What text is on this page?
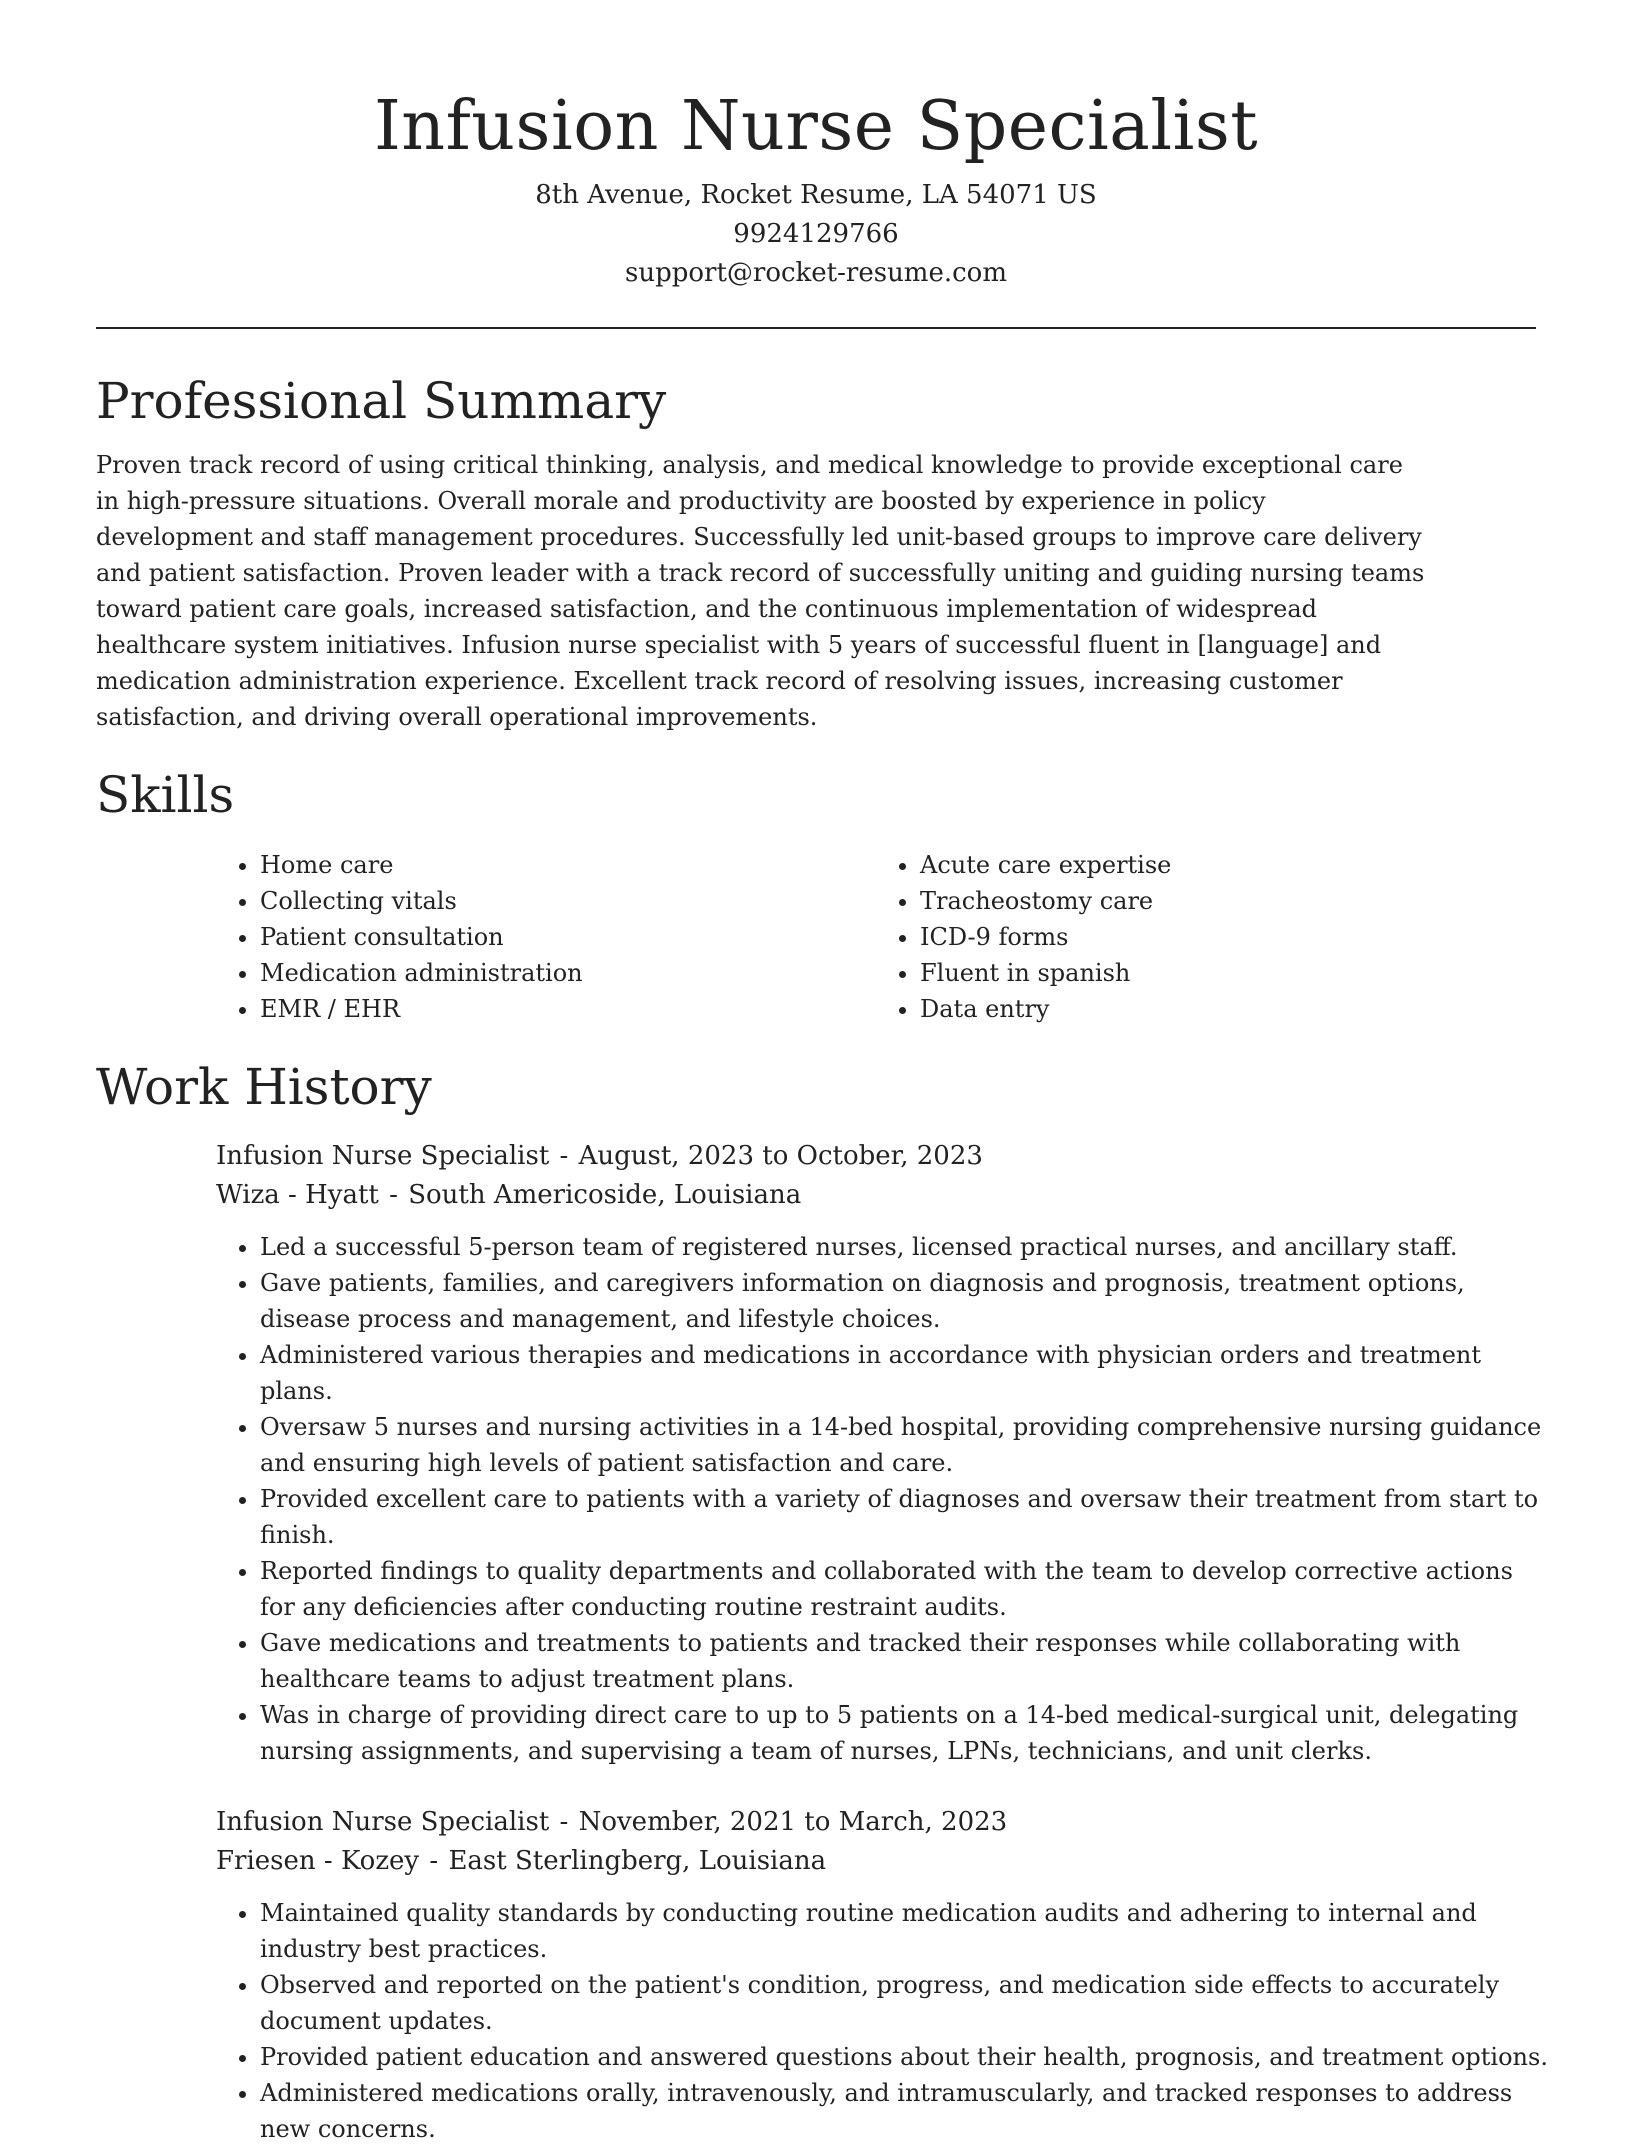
Infusion Nurse Specialist

8th Avenue, Rocket Resume, LA 54071 US

9924129766

support@rocket-resume.com

Professional Summary

Proven track record of using critical thinking, analysis, and medical knowledge to provide exceptional care in high-pressure situations. Overall morale and productivity are boosted by experience in policy development and staff management procedures. Successfully led unit-based groups to improve care delivery and patient satisfaction. Proven leader with a track record of successfully uniting and guiding nursing teams toward patient care goals, increased satisfaction, and the continuous implementation of widespread healthcare system initiatives. Infusion nurse specialist with 5 years of successful fluent in [language] and medication administration experience. Excellent track record of resolving issues, increasing customer satisfaction, and driving overall operational improvements.

Skills
• Home care
• Collecting vitals
• Patient consultation
• Medication administration
• EMR / EHR
• Acute care expertise
• Tracheostomy care
• ICD-9 forms
• Fluent in spanish
• Data entry
Work History

Infusion Nurse Specialist - August, 2023 to October, 2023

Wiza - Hyatt - South Americoside, Louisiana

• Led a successful 5-person team of registered nurses, licensed practical nurses, and ancillary staff.
• Gave patients, families, and caregivers information on diagnosis and prognosis, treatment options, disease process and management, and lifestyle choices.
• Administered various therapies and medications in accordance with physician orders and treatment plans.
• Oversaw 5 nurses and nursing activities in a 14-bed hospital, providing comprehensive nursing guidance and ensuring high levels of patient satisfaction and care.
• Provided excellent care to patients with a variety of diagnoses and oversaw their treatment from start to finish.
• Reported findings to quality departments and collaborated with the team to develop corrective actions for any deficiencies after conducting routine restraint audits.
• Gave medications and treatments to patients and tracked their responses while collaborating with healthcare teams to adjust treatment plans.
• Was in charge of providing direct care to up to 5 patients on a 14-bed medical-surgical unit, delegating nursing assignments, and supervising a team of nurses, LPNs, technicians, and unit clerks.

Infusion Nurse Specialist - November, 2021 to March, 2023

Friesen - Kozey - East Sterlingberg, Louisiana

• Maintained quality standards by conducting routine medication audits and adhering to internal and industry best practices.
• Observed and reported on the patient's condition, progress, and medication side effects to accurately document updates.
• Provided patient education and answered questions about their health, prognosis, and treatment options.
• Administered medications orally, intravenously, and intramuscularly, and tracked responses to address new concerns.
